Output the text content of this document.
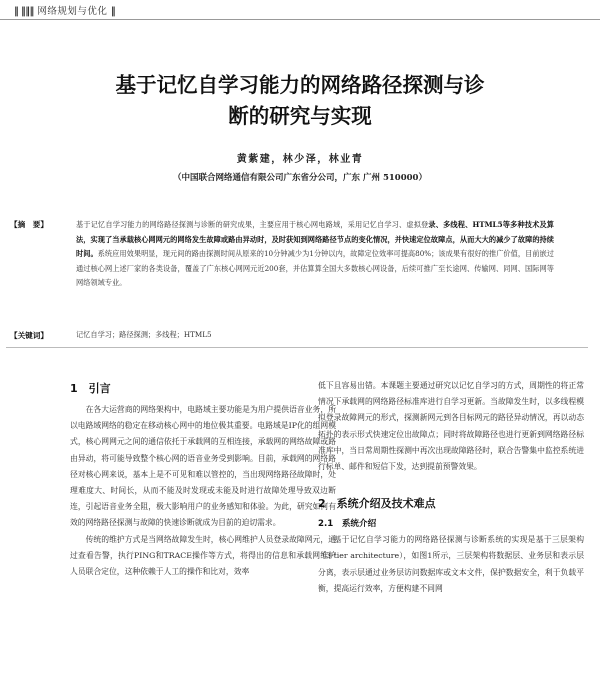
‖ ‖‖‖ 网络规划与优化 ‖
基于记忆自学习能力的网络路径探测与诊
断的研究与实现
黄紫建，林少泽，林业青
（中国联合网络通信有限公司广东省分公司，广东 广州 510000）
【摘　要】	基于记忆自学习能力的网络路径探测与诊断的研究成果，主要应用于核心网电路域，采用记忆自学习、虚拟登录、多线程、HTML5等多种技术及算法，实现了当承载核心网网元的网络发生故障或路由异动时，及时获知到网络路径节点的变化情况，并快速定位故障点，从而大大的减少了故障的持续时间。系统应用效果明显，现元间的路由探测时间从原来的10分钟减少为1分钟以内，故障定位效率可提高80%；该成果有很好的推广价值，目前嵌过通过核心网上述厂家的各类设备，覆盖了广东核心网网元近200套，并估算算全国大多数核心网设备，后续可推广至长途网、传输网、同网、国际网等网络领域专业。
【关键词】	记忆自学习；路径探测；多线程；HTML5
1　引言

在各大运营商的网络架构中，电路域主要功能是为用户提供语音业务，所以电路域网络的稳定在移动核心网中的地位极其重要。电路域是IP化的组网模式，核心网网元之间的通信依托于承载网的互相连接，承载网的网络故障或路由异动，将可能导致整个核心网的语音业务受到影响。目前，承载网的网络路径对核心网来说，基本上是不可见和难以管控的，当出现网络路径故障时，处理难度大、时间长，从而不能及时发现或未能及时进行故障处理导致双边断连，引起语音业务全阻，极大影响用户的业务感知和体验。为此，研究如何有效的网络路径探测与故障的快速诊断就成为目前的迫切需求。

传统的维护方式是当网络故障发生时，核心网维护人员登录故障网元，通过查看告警，执行PING和TRACE操作等方式，将得出的信息和承载网维护人员联合定位，这种依赖于人工的操作和比对，效率

低下且容易出错。本课题主要通过研究以记忆自学习的方式，周期性的将正常情况下承载网的网络路径标准库进行自学习更新。当故障发生时，以多线程模拟登录故障网元的形式，探测新网元到各目标网元的路径异动情况，再以动态拓扑的表示形式快速定位出故障点；同时将故障路径也进行更新到网络路径标准库中，当日常周期性探测中再次出现故障路径时，联合告警集中监控系统进行标单、邮件和短信下发，达到提前预警效果。

2　系统介绍及技术难点
2.1　系统介绍

基于记忆自学习能力的网络路径探测与诊断系统的实现是基于三层架构（3-tier architecture），如图1所示，三层架构将数据层、业务层和表示层分离，表示层通过业务层访问数据库或文本文件，保护数据安全，利于负载平衡，提高运行效率，方便构建不同网
